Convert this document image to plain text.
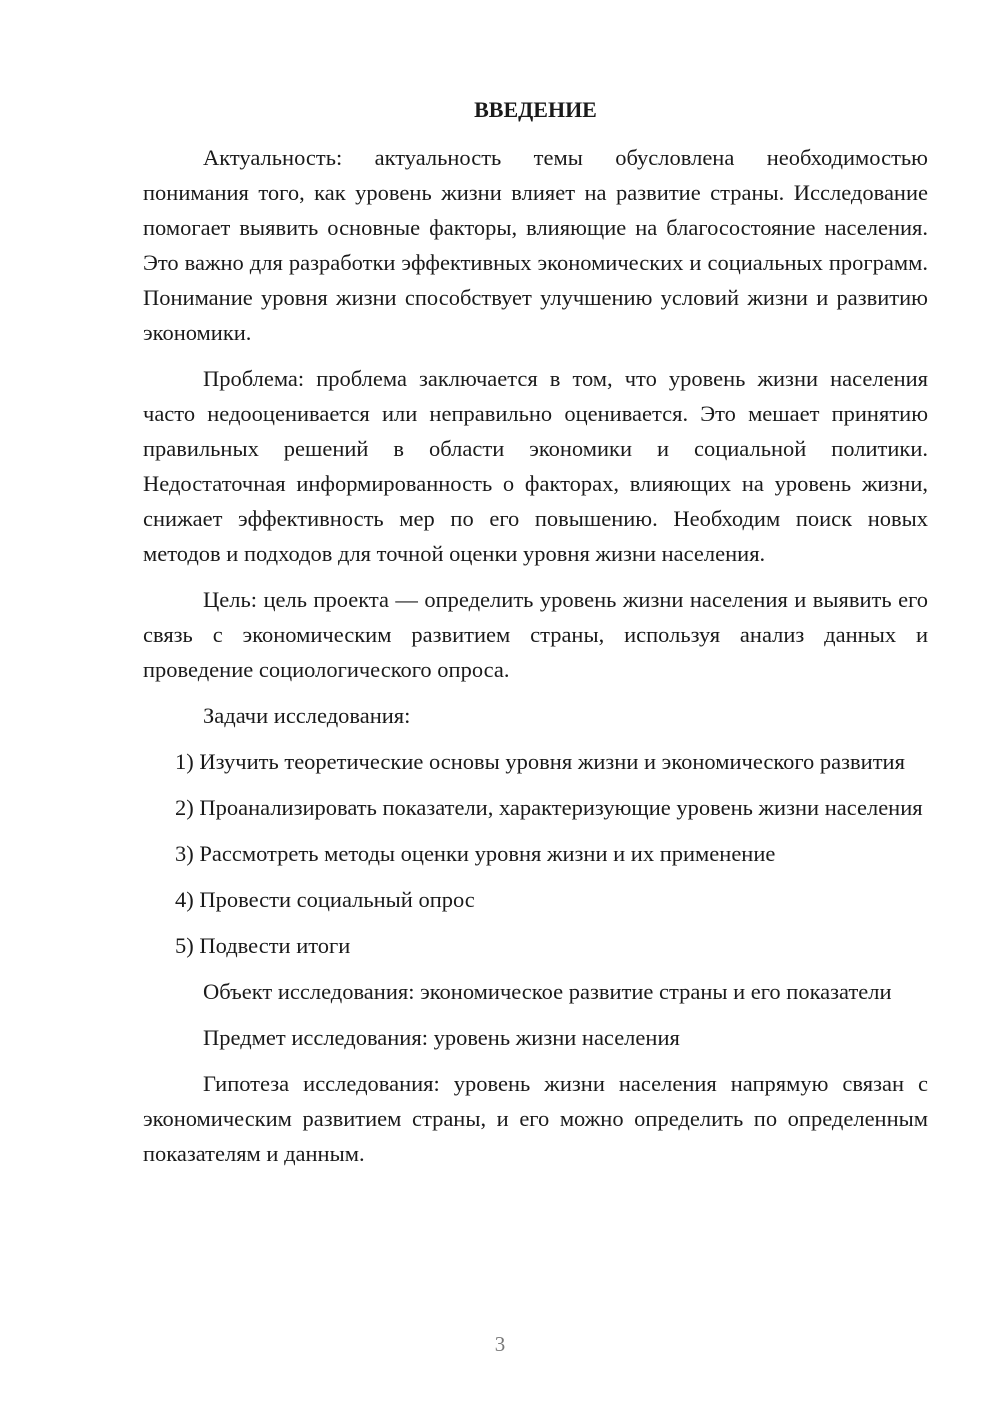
ВВЕДЕНИЕ

Актуальность: актуальность темы обусловлена необходимостью понимания того, как уровень жизни влияет на развитие страны. Исследование помогает выявить основные факторы, влияющие на благосостояние населения. Это важно для разработки эффективных экономических и социальных программ. Понимание уровня жизни способствует улучшению условий жизни и развитию экономики.

Проблема: проблема заключается в том, что уровень жизни населения часто недооценивается или неправильно оценивается. Это мешает принятию правильных решений в области экономики и социальной политики. Недостаточная информированность о факторах, влияющих на уровень жизни, снижает эффективность мер по его повышению. Необходим поиск новых методов и подходов для точной оценки уровня жизни населения.

Цель: цель проекта — определить уровень жизни населения и выявить его связь с экономическим развитием страны, используя анализ данных и проведение социологического опроса.

Задачи исследования:

1) Изучить теоретические основы уровня жизни и экономического развития

2) Проанализировать показатели, характеризующие уровень жизни населения

3) Рассмотреть методы оценки уровня жизни и их применение

4) Провести социальный опрос

5) Подвести итоги

Объект исследования: экономическое развитие страны и его показатели

Предмет исследования: уровень жизни населения

Гипотеза исследования: уровень жизни населения напрямую связан с экономическим развитием страны, и его можно определить по определенным показателям и данным.

3
